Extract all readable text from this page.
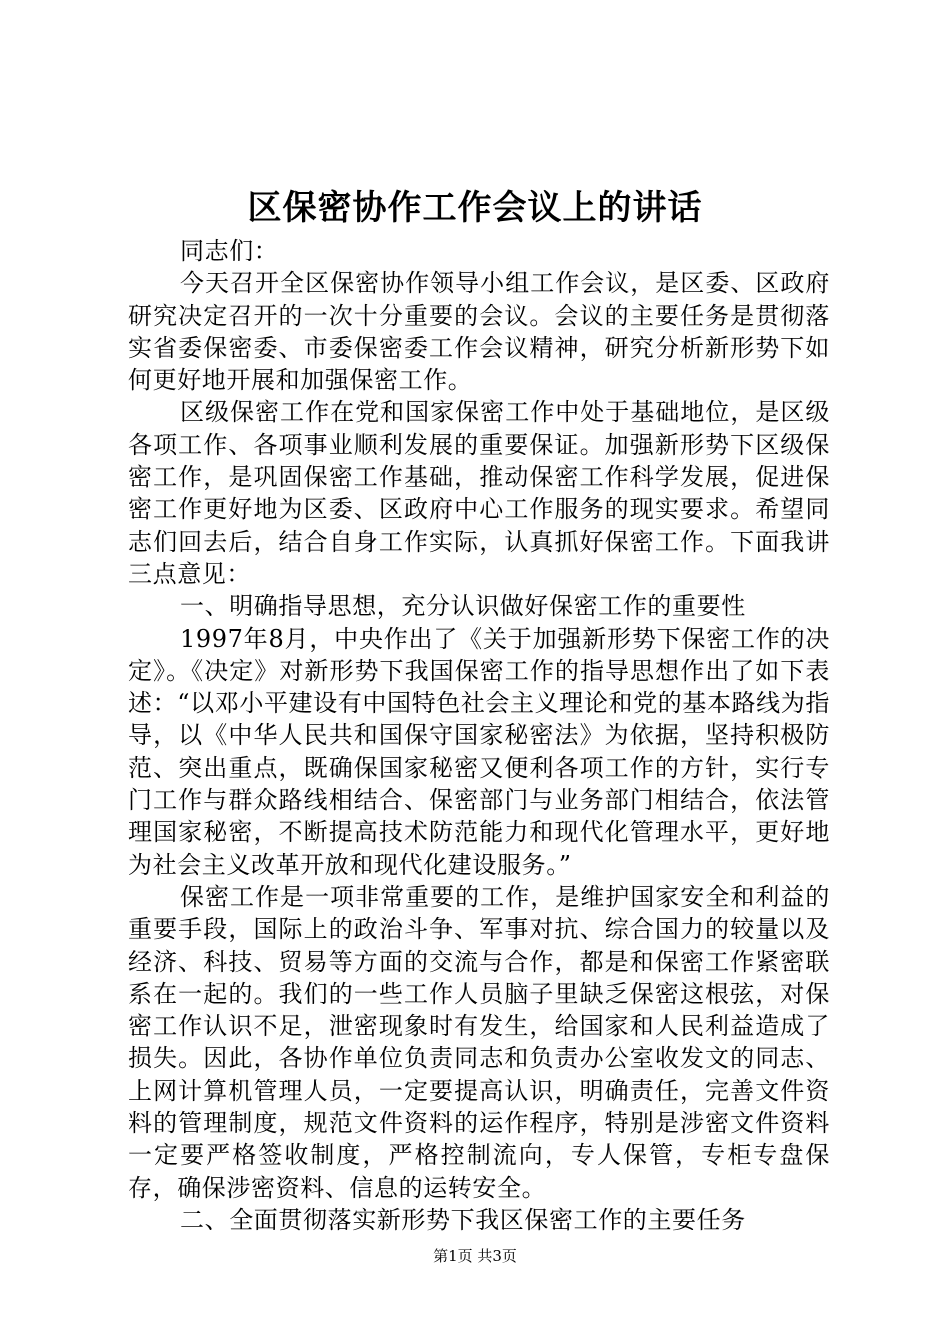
区保密协作工作会议上的讲话

同志们：

今天召开全区保密协作领导小组工作会议，是区委、区政府研究决定召开的一次十分重要的会议。会议的主要任务是贯彻落实省委保密委、市委保密委工作会议精神，研究分析新形势下如何更好地开展和加强保密工作。

区级保密工作在党和国家保密工作中处于基础地位，是区级各项工作、各项事业顺利发展的重要保证。加强新形势下区级保密工作，是巩固保密工作基础，推动保密工作科学发展，促进保密工作更好地为区委、区政府中心工作服务的现实要求。希望同志们回去后，结合自身工作实际，认真抓好保密工作。下面我讲三点意见：

一、明确指导思想，充分认识做好保密工作的重要性

1997年8月，中央作出了《关于加强新形势下保密工作的决定》。《决定》对新形势下我国保密工作的指导思想作出了如下表述：“以邓小平建设有中国特色社会主义理论和党的基本路线为指导，以《中华人民共和国保守国家秘密法》为依据，坚持积极防范、突出重点，既确保国家秘密又便利各项工作的方针，实行专门工作与群众路线相结合、保密部门与业务部门相结合，依法管理国家秘密，不断提高技术防范能力和现代化管理水平，更好地为社会主义改革开放和现代化建设服务。”

保密工作是一项非常重要的工作，是维护国家安全和利益的重要手段，国际上的政治斗争、军事对抗、综合国力的较量以及经济、科技、贸易等方面的交流与合作，都是和保密工作紧密联系在一起的。我们的一些工作人员脑子里缺乏保密这根弦，对保密工作认识不足，泄密现象时有发生，给国家和人民利益造成了损失。因此，各协作单位负责同志和负责办公室收发文的同志、上网计算机管理人员，一定要提高认识，明确责任，完善文件资料的管理制度，规范文件资料的运作程序，特别是涉密文件资料一定要严格签收制度，严格控制流向，专人保管，专柜专盘保存，确保涉密资料、信息的运转安全。

二、全面贯彻落实新形势下我区保密工作的主要任务

第1页 共3页
